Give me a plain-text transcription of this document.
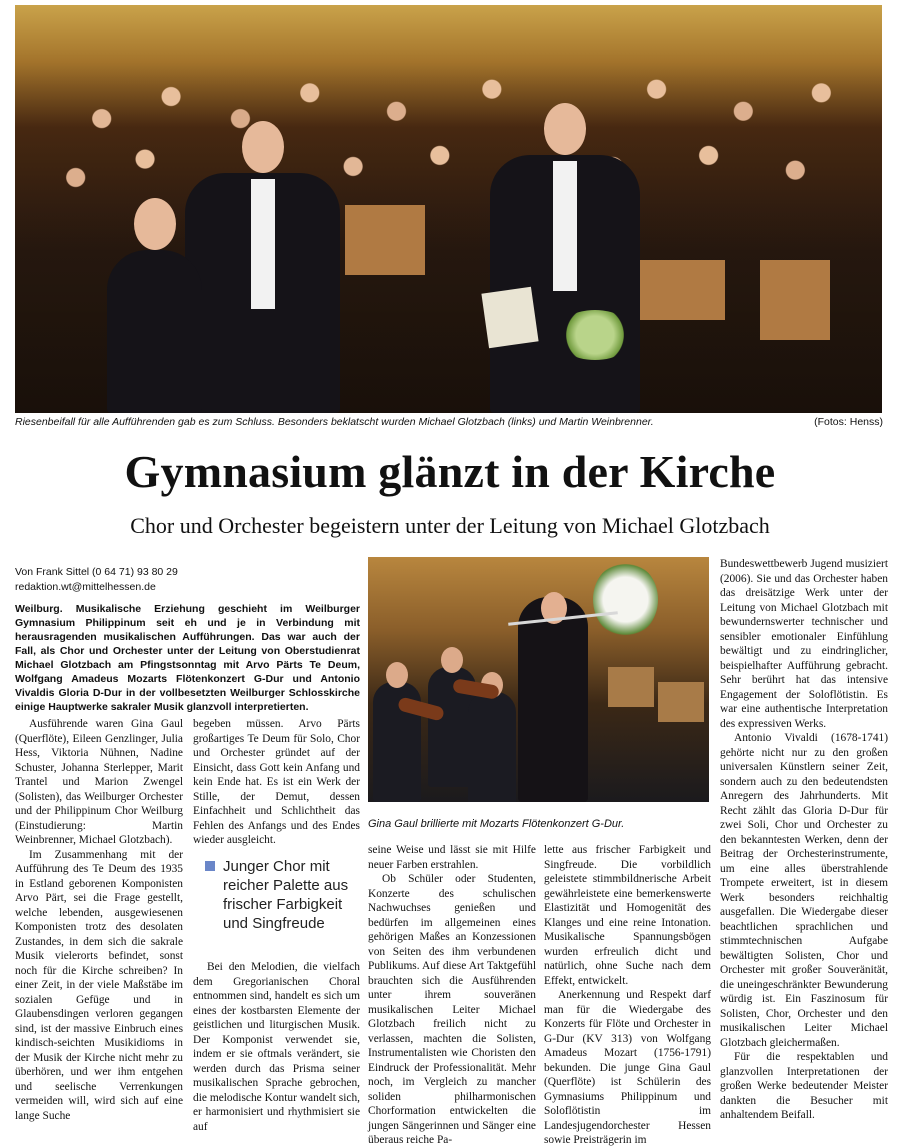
Riesenbeifall für alle Aufführenden gab es zum Schluss. Besonders beklatscht wurden Michael Glotzbach (links) und Martin Weinbrenner.	(Fotos: Henss)
Gymnasium glänzt in der Kirche
Chor und Orchester begeistern unter der Leitung von Michael Glotzbach
Von Frank Sittel (0 64 71) 93 80 29
redaktion.wt@mittelhessen.de
Weilburg. Musikalische Erziehung geschieht im Weilburger Gymnasium Philippinum seit eh und je in Verbindung mit herausragenden musikalischen Aufführungen. Das war auch der Fall, als Chor und Orchester unter der Leitung von Oberstudienrat Michael Glotzbach am Pfingstsonntag mit Arvo Pärts Te Deum, Wolfgang Amadeus Mozarts Flötenkonzert G-Dur und Antonio Vivaldis Gloria D-Dur in der vollbesetzten Weilburger Schlosskirche einige Hauptwerke sakraler Musik glanzvoll interpretierten.

Ausführende waren Gina Gaul (Querflöte), Eileen Genzlinger, Julia Hess, Viktoria Nühnen, Nadine Schuster, Johanna Sterlepper, Marit Trantel und Marion Zwengel (Solisten), das Weilburger Orchester und der Philippinum Chor Weilburg (Einstudierung: Martin Weinbrenner, Michael Glotzbach).

Im Zusammenhang mit der Aufführung des Te Deum des 1935 in Estland geborenen Komponisten Arvo Pärt, sei die Frage gestellt, welche lebenden, ausgewiesenen Komponisten trotz des desolaten Zustandes, in dem sich die sakrale Musik vielerorts befindet, sonst noch für die Kirche schreiben? In einer Zeit, in der viele Maßstäbe im sozialen Gefüge und in Glaubensdingen verloren gegangen sind, ist der massive Einbruch eines kindisch-seichten Musikidioms in der Musik der Kirche nicht mehr zu überhören, und wer ihm entgehen und seelische Verrenkungen vermeiden will, wird sich auf eine lange Suche

begeben müssen. Arvo Pärts großartiges Te Deum für Solo, Chor und Orchester gründet auf der Einsicht, dass Gott kein Anfang und kein Ende hat. Es ist ein Werk der Stille, der Demut, dessen Einfachheit und Schlichtheit das Fehlen des Anfangs und des Endes wieder ausgleicht.

Junger Chor mit reicher Palette aus frischer Farbigkeit und Singfreude

Bei den Melodien, die vielfach dem Gregorianischen Choral entnommen sind, handelt es sich um eines der kostbarsten Elemente der geistlichen und liturgischen Musik. Der Komponist verwendet sie, indem er sie oftmals verändert, sie werden durch das Prisma seiner musikalischen Sprache gebrochen, die melodische Kontur wandelt sich, er harmonisiert und rhythmisiert sie auf

Gina Gaul brillierte mit Mozarts Flötenkonzert G-Dur.

seine Weise und lässt sie mit Hilfe neuer Farben erstrahlen.

Ob Schüler oder Studenten, Konzerte des schulischen Nachwuchses genießen und bedürfen im allgemeinen eines gehörigen Maßes an Konzessionen von Seiten des ihm verbundenen Publikums. Auf diese Art Taktgefühl brauchten sich die Ausführenden unter ihrem souveränen musikalischen Leiter Michael Glotzbach freilich nicht zu verlassen, machten die Solisten, Instrumentalisten wie Choristen den Eindruck der Professionalität. Mehr noch, im Vergleich zu mancher soliden philharmonischen Chorformation entwickelten die jungen Sängerinnen und Sänger eine überaus reiche Pa-

lette aus frischer Farbigkeit und Singfreude. Die vorbildlich geleistete stimmbildnerische Arbeit gewährleistete eine bemerkenswerte Elastizität und Homogenität des Klanges und eine reine Intonation. Musikalische Spannungsbögen wurden erfreulich dicht und natürlich, ohne Suche nach dem Effekt, entwickelt.

Anerkennung und Respekt darf man für die Wiedergabe des Konzerts für Flöte und Orchester in G-Dur (KV 313) von Wolfgang Amadeus Mozart (1756-1791) bekunden. Die junge Gina Gaul (Querflöte) ist Schülerin des Gymnasiums Philippinum und Soloflötistin im Landesjugendorchester Hessen sowie Preisträgerin im

Bundeswettbewerb Jugend musiziert (2006). Sie und das Orchester haben das dreisätzige Werk unter der Leitung von Michael Glotzbach mit bewundernswerter technischer und sensibler emotionaler Einfühlung bewältigt und zu eindringlicher, beispielhafter Aufführung gebracht. Sehr berührt hat das intensive Engagement der Soloflötistin. Es war eine authentische Interpretation des expressiven Werks.

Antonio Vivaldi (1678-1741) gehörte nicht nur zu den großen universalen Künstlern seiner Zeit, sondern auch zu den bedeutendsten Anregern des Jahrhunderts. Mit Recht zählt das Gloria D-Dur für zwei Soli, Chor und Orchester zu den bekanntesten Werken, denn der Beitrag der Orchesterinstrumente, um eine alles überstrahlende Trompete erweitert, ist in diesem Werk besonders reichhaltig ausgefallen. Die Wiedergabe dieser beachtlichen sprachlichen und stimmtechnischen Aufgabe bewältigten Solisten, Chor und Orchester mit großer Souveränität, die uneingeschränkter Bewunderung würdig ist. Ein Faszinosum für Solisten, Chor, Orchester und den musikalischen Leiter Michael Glotzbach gleichermaßen.

Für die respektablen und glanzvollen Interpretationen der großen Werke bedeutender Meister dankten die Besucher mit anhaltendem Beifall.
